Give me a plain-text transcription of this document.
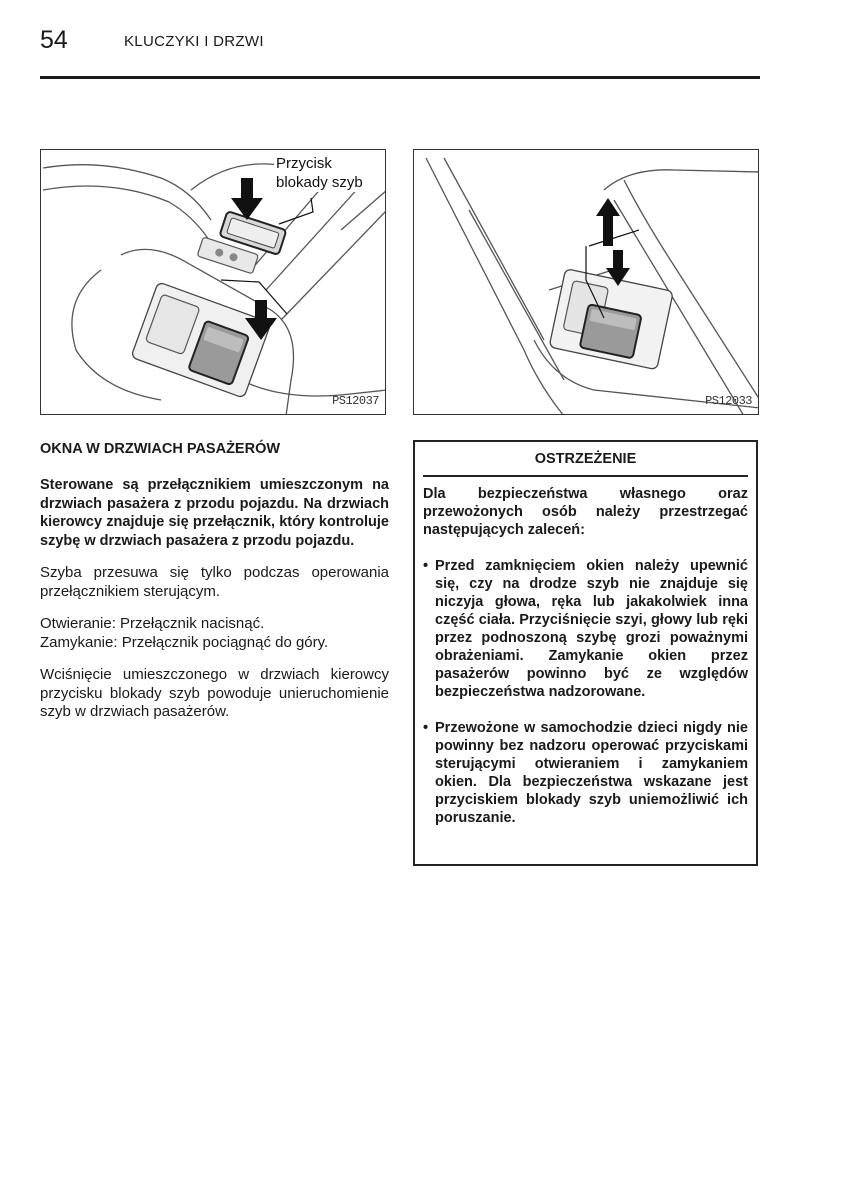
54	KLUCZYKI I DRZWI
Przycisk
blokady szyb
PS12037	PS12033
OKNA W DRZWIACH PASAŻERÓW

Sterowane są przełącznikiem umieszczonym na drzwiach pasażera z przodu pojazdu. Na drzwiach kierowcy znajduje się przełącznik, który kontroluje szybę w drzwiach pasażera z przodu pojazdu.

Szyba przesuwa się tylko podczas operowania przełącznikiem sterującym.

Otwieranie: Przełącznik nacisnąć.

Zamykanie: Przełącznik pociągnąć do góry.

Wciśnięcie umieszczonego w drzwiach kierowcy przycisku blokady szyb powoduje unieruchomienie szyb w drzwiach pasażerów.

OSTRZEŻENIE

Dla bezpieczeństwa własnego oraz przewożonych osób należy przestrzegać następujących zaleceń:

• Przed zamknięciem okien należy upewnić się, czy na drodze szyb nie znajduje się niczyja głowa, ręka lub jakakolwiek inna część ciała. Przyciśnięcie szyi, głowy lub ręki przez podnoszoną szybę grozi poważnymi obrażeniami. Zamykanie okien przez pasażerów powinno być ze względów bezpieczeństwa nadzorowane.
• Przewożone w samochodzie dzieci nigdy nie powinny bez nadzoru operować przyciskami sterującymi otwieraniem i zamykaniem okien. Dla bezpieczeństwa wskazane jest przyciskiem blokady szyb uniemożliwić ich poruszanie.
